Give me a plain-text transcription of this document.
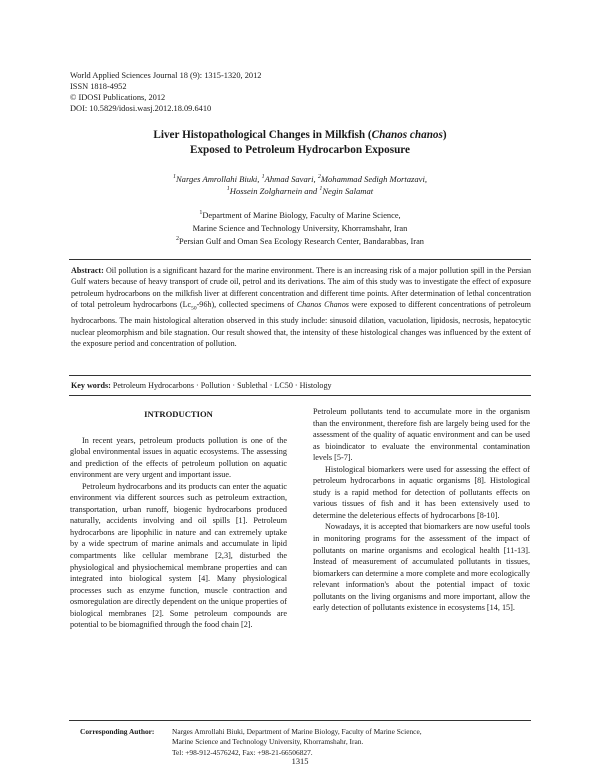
World Applied Sciences Journal 18 (9): 1315-1320, 2012
ISSN 1818-4952
© IDOSI Publications, 2012
DOI: 10.5829/idosi.wasj.2012.18.09.6410
Liver Histopathological Changes in Milkfish (Chanos chanos)
Exposed to Petroleum Hydrocarbon Exposure
$^1$Narges Amrollahi Biuki, $^1$Ahmad Savari, $^2$Mohammad Sedigh Mortazavi,
$^1$Hossein Zolgharnein and $^1$Negin Salamat
$^1$Department of Marine Biology, Faculty of Marine Science,
Marine Science and Technology University, Khorramshahr, Iran
$^2$Persian Gulf and Oman Sea Ecology Research Center, Bandarabbas, Iran

Abstract: Oil pollution is a significant hazard for the marine environment. There is an increasing risk of a major pollution spill in the Persian Gulf waters because of heavy transport of crude oil, petrol and its derivations. The aim of this study was to investigate the effect of exposure petroleum hydrocarbons on the milkfish liver at different concentration and different time points. After determination of lethal concentration of total petroleum hydrocarbons $(Lc_{50}-96h)$, collected specimens of Chanos Chanos were exposed to different concentrations of petroleum hydrocarbons. The main histological alteration observed in this study include: sinusoid dilation, vacuolation, lipidosis, necrosis, hepatocytic nuclear pleomorphism and bile stagnation. Our result showed that, the intensity of these histological changes was influenced by the extent of the exposure period and concentration of pollution.

Key words: Petroleum Hydrocarbons · Pollution · Sublethal · LC50 · Histology

INTRODUCTION

In recent years, petroleum products pollution is one of the global environmental issues in aquatic ecosystems. The assessing and prediction of the effects of petroleum pollution on aquatic environment are very urgent and important issue.

Petroleum hydrocarbons and its products can enter the aquatic environment via different sources such as petroleum extraction, transportation, urban runoff, biogenic hydrocarbons produced naturally, accidents involving and oil spills [1]. Petroleum hydrocarbons are lipophilic in nature and can extremely uptake by a wide spectrum of marine animals and accumulate in lipid compartments like cellular membrane [2,3], disturbed the physiological and physiochemical membrane properties and can integrated into biological system [4]. Many physiological processes such as enzyme function, muscle contraction and osmoregulation are directly dependent on the unique properties of biological membranes [2]. Some petroleum compounds are potential to be biomagnified through the food chain [2].

Petroleum pollutants tend to accumulate more in the organism than the environment, therefore fish are largely being used for the assessment of the quality of aquatic environment and can be used as bioindicator to evaluate the environmental contamination levels [5-7].

Histological biomarkers were used for assessing the effect of petroleum hydrocarbons in aquatic organisms [8]. Histological study is a rapid method for detection of pollutants effects on various tissues of fish and it has been extensively used to determine the deleterious effects of hydrocarbons [8-10].

Nowadays, it is accepted that biomarkers are now useful tools in monitoring programs for the assessment of the impact of pollutants on marine organisms and ecological health [11-13]. Instead of measurement of accumulated pollutants in tissues, biomarkers can determine a more complete and more ecologically relevant information's about the potential impact of toxic pollutants on the living organisms and more important, allow the early detection of pollutants existence in ecosystems [14, 15].

Corresponding Author:	Narges Amrollahi Biuki, Department of Marine Biology, Faculty of Marine Science,
Marine Science and Technology University, Khorramshahr, Iran.
Tel: +98-912-4576242, Fax: +98-21-66506827.
1315
